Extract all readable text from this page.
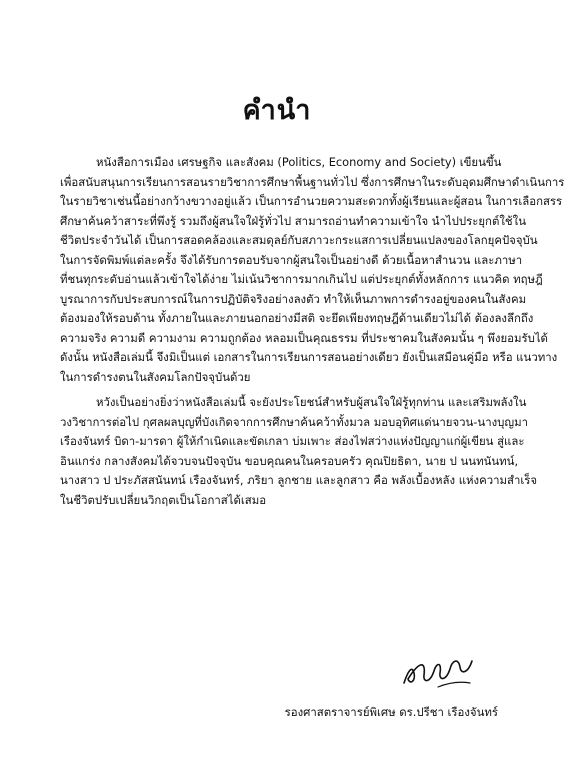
คำนำ
หนังสือการเมือง เศรษฐกิจ และสังคม (Politics, Economy and Society) เขียนขึ้น
เพื่อสนับสนุนการเรียนการสอนรายวิชาการศึกษาพื้นฐานทั่วไป ซึ่งการศึกษาในระดับอุดมศึกษาดำเนินการ
ในรายวิชาเช่นนี้อย่างกว้างขวางอยู่แล้ว เป็นการอำนวยความสะดวกทั้งผู้เรียนและผู้สอน ในการเลือกสรร
ศึกษาค้นคว้าสาระที่พึงรู้ รวมถึงผู้สนใจใฝ่รู้ทั่วไป สามารถอ่านทำความเข้าใจ นำไปประยุกต์ใช้ใน
ชีวิตประจำวันได้ เป็นการสอดคล้องและสมดุลย์กับสภาวะกระแสการเปลี่ยนแปลงของโลกยุคปัจจุบัน
ในการจัดพิมพ์แต่ละครั้ง จึงได้รับการตอบรับจากผู้สนใจเป็นอย่างดี ด้วยเนื้อหาสำนวน และภาษา
ที่ชนทุกระดับอ่านแล้วเข้าใจได้ง่าย ไม่เน้นวิชาการมากเกินไป แต่ประยุกต์ทั้งหลักการ แนวคิด ทฤษฎี
บูรณาการกับประสบการณ์ในการปฏิบัติจริงอย่างลงตัว ทำให้เห็นภาพการดำรงอยู่ของคนในสังคม
ต้องมองให้รอบด้าน ทั้งภายในและภายนอกอย่างมีสติ จะยึดเพียงทฤษฎีด้านเดียวไม่ได้ ต้องลงลึกถึง
ความจริง ความดี ความงาม ความถูกต้อง หลอมเป็นคุณธรรม ที่ประชาคมในสังคมนั้น ๆ พึงยอมรับได้
ดังนั้น หนังสือเล่มนี้ จึงมิเป็นแต่ เอกสารในการเรียนการสอนอย่างเดียว ยังเป็นเสมือนคู่มือ หรือ แนวทาง
ในการดำรงตนในสังคมโลกปัจจุบันด้วย
หวังเป็นอย่างยิ่งว่าหนังสือเล่มนี้ จะยังประโยชน์สำหรับผู้สนใจใฝ่รู้ทุกท่าน และเสริมพลังใน
วงวิชาการต่อไป กุศลผลบุญที่บังเกิดจากการศึกษาค้นคว้าทั้งมวล มอบอุทิศแด่นายจวน-นางบุญมา
เรืองจันทร์ บิดา-มารดา ผู้ให้กำเนิดและขัดเกลา บ่มเพาะ ส่องไฟสว่างแห่งปัญญาแก่ผู้เขียน สู่และ
อินแกร่ง กลางสังคมได้จวบจนปัจจุบัน ขอบคุณคนในครอบครัว คุณปิยธิดา, นาย ป นนทนันทน์,
นางสาว ป ประภัสสนันทน์ เรืองจันทร์, ภริยา ลูกชาย และลูกสาว คือ พลังเบื้องหลัง แห่งความสำเร็จ
ในชีวิตปรับเปลี่ยนวิกฤตเป็นโอกาสได้เสมอ
รองศาสตราจารย์พิเศษ ดร.ปรีชา เรืองจันทร์
